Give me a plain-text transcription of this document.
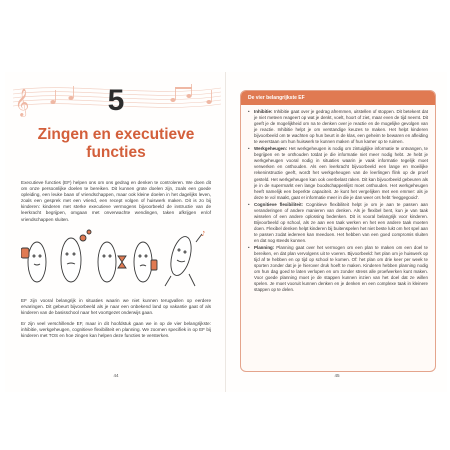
𝄞	5
Zingen en executieve functies

Executieve functies (EF) helpen ons om ons gedrag en denken te controleren. We doen dit om onze persoonlijke doelen te bereiken. Dit kunnen grote doelen zijn, zoals een goede opleiding, een leuke baan of vriendschappen, maar ook kleine doelen in het dagelijks leven, zoals een gesprek met een vriend, een recept volgen of huiswerk maken. Dit is zo bij kinderen: kinderen met sterke executieve vermogens bijvoorbeeld de instructie van de leerkracht begrijpen, omgaan met onverwachte wendingen, taken afkrijgen en/of vriendschappen sluiten.

♪

EF zijn vooral belangrijk in situaties waarin we niet kunnen terugvallen op eerdere ervaringen. Dit gebeurt bijvoorbeeld als je naar een onbekend land op vakantie gaat of als kinderen van de basisschool naar het voortgezet onderwijs gaan.

Er zijn veel verschillende EF, maar in dit hoofdstuk gaan we in op de vier belangrijkste: inhibitie, werkgeheugen, cognitieve flexibiliteit en planning. We zoomen specifiek in op EF bij kinderen met TOS en hoe zingen kan helpen deze functies te versterken.

44
De vier belangrijkste EF
• Inhibitie: Inhibitie gaat over je gedrag afremmen, uitstellen of stoppen. Dit betekent dat je niet meteen reageert op wat je denkt, voelt, hoort of ziet, maar even de tijd neemt. Dit geeft je de mogelijkheid om na te denken over je reactie en de mogelijke gevolgen van je reactie. Inhibitie helpt je om verstandige keuzes te maken. Het helpt kinderen bijvoorbeeld om te wachten op hun beurt in de klas, een geheim te bewaren en afleiding te weerstaan om hun huiswerk te kunnen maken of hun kamer op te ruimen.
• Werkgeheugen: Het werkgeheugen is nodig om zintuiglijke informatie te ontvangen, te begrijpen en te onthouden totdat je die informatie niet meer nodig hebt. Je hebt je werkgeheugen vooral nodig in situaties waarin je vaak informatie tegelijk moet verwerken en onthouden. Als een leerkracht bijvoorbeeld een lange en moeilijke rekeninstructie geeft, wordt het werkgeheugen van de leerlingen flink op de proef gesteld. Het werkgeheugen kan ook overbelast raken. Dit kan bijvoorbeeld gebeuren als je in de supermarkt een lange boodschappenlijst moet onthouden. Het werkgeheugen heeft namelijk een beperkte capaciteit. Je kunt het vergelijken met een emmer: als je deze te vol maakt, gaat er informatie meer in die je dan weer ors hebt ‘leeggegooid’.
• Cognitieve flexibiliteit: Cognitieve flexibiliteit helpt je om je aan te passen aan veranderingen of andere manieren van denken. Als je flexibel bent, kun je van taak wisselen of een andere oplossing bedenken. Dit is vooral belangrijk voor kinderen. Bijvoorbeeld op school, als ze aan een taak werken en het een andere taak moeten doen. Flexibel denken helpt kinderen bij buitenspelen het niet beste lukt om het spel aan te passen zodat iedereen kan meedoen. Het hebben van een goed compromis sluiten en dat nog steeds kunnen.
• Planning: Planning gaat over het vermogen om een plan te maken om een doel te bereiken, en dat plan vervolgens uit te voeren. Bijvoorbeeld: het plan om je huiswerk op tijd af te hebben en op tijd op school te komen. Of: het plan om drie keer per week te sporten zonder dat je je hierover druk hoeft te maken. Kinderen hebben planning nodig om hun dag goed te laten verlopen en om zonder stress alle proefwerken kunt maken. Voor goede planning moet je de stappen kunnen inzien van het doel dat ze willen spelen. Je moet vooruit kunnen denken en je denken en een complexe taak in kleinere stappen op te delen.
45
